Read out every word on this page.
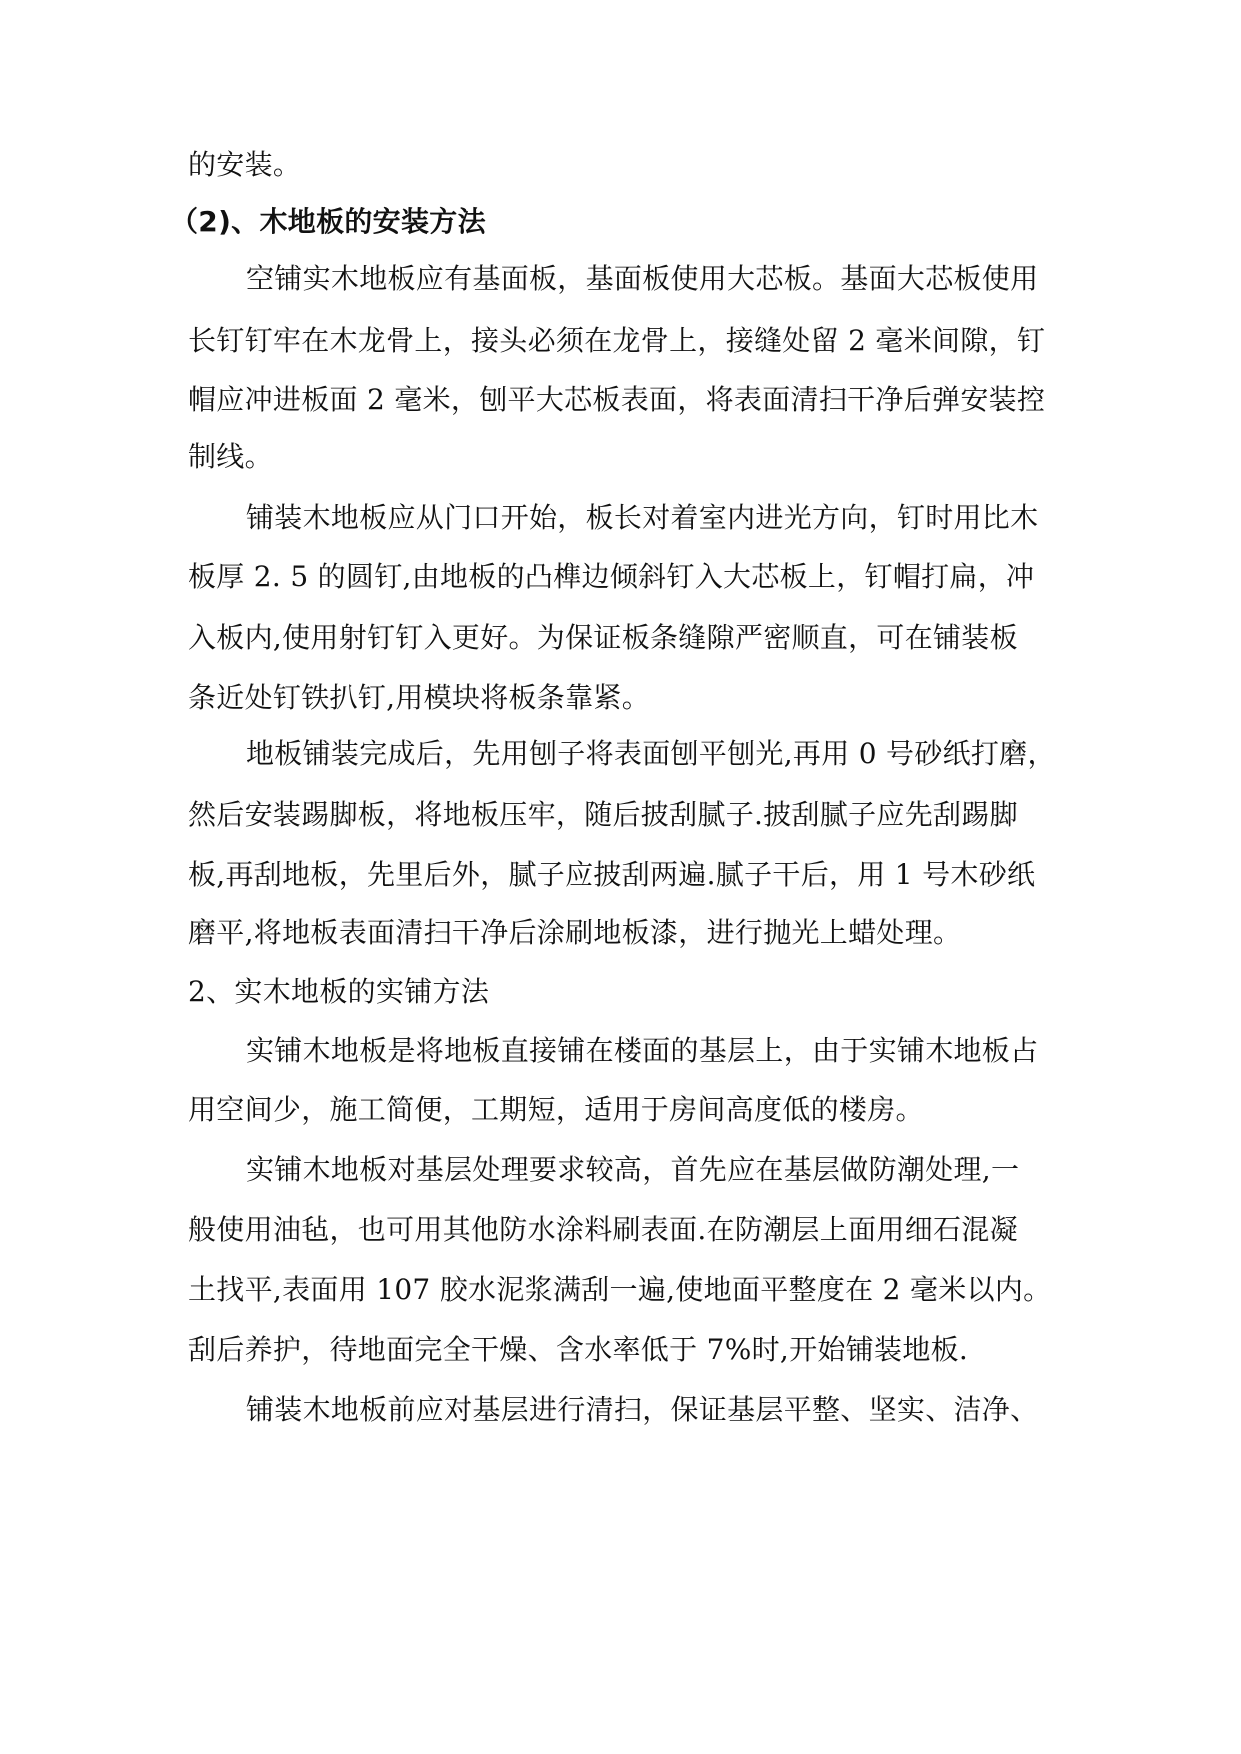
的安装。
（2)、木地板的安装方法
空铺实木地板应有基面板，基面板使用大芯板。基面大芯板使用
长钉钉牢在木龙骨上，接头必须在龙骨上，接缝处留 2 毫米间隙，钉
帽应冲进板面 2 毫米，刨平大芯板表面，将表面清扫干净后弹安装控
制线。
铺装木地板应从门口开始，板长对着室内进光方向，钉时用比木
板厚 2. 5 的圆钉,由地板的凸榫边倾斜钉入大芯板上，钉帽打扁，冲
入板内,使用射钉钉入更好。为保证板条缝隙严密顺直，可在铺装板
条近处钉铁扒钉,用模块将板条靠紧。
地板铺装完成后，先用刨子将表面刨平刨光,再用 0 号砂纸打磨，
然后安装踢脚板，将地板压牢，随后披刮腻子.披刮腻子应先刮踢脚
板,再刮地板，先里后外，腻子应披刮两遍.腻子干后，用 1 号木砂纸
磨平,将地板表面清扫干净后涂刷地板漆，进行抛光上蜡处理。
2、实木地板的实铺方法
实铺木地板是将地板直接铺在楼面的基层上，由于实铺木地板占
用空间少，施工简便，工期短，适用于房间高度低的楼房。
实铺木地板对基层处理要求较高，首先应在基层做防潮处理,一
般使用油毡，也可用其他防水涂料刷表面.在防潮层上面用细石混凝
土找平,表面用 107 胶水泥浆满刮一遍,使地面平整度在 2 毫米以内。
刮后养护，待地面完全干燥、含水率低于 7%时,开始铺装地板.
铺装木地板前应对基层进行清扫，保证基层平整、坚实、洁净、
